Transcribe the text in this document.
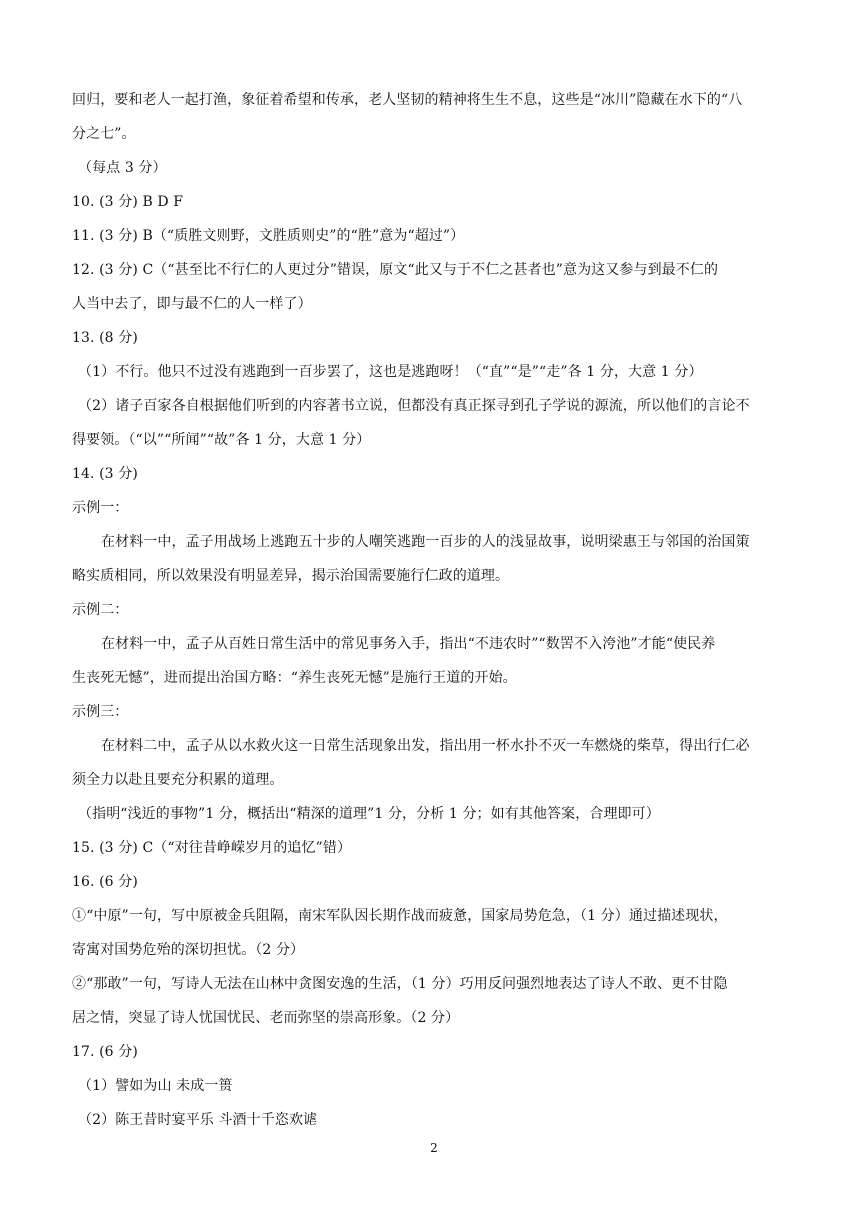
回归，要和老人一起打渔，象征着希望和传承，老人坚韧的精神将生生不息，这些是“冰川”隐藏在水下的“八
分之七”。
（每点 3 分）
10. (3 分) B D F
11. (3 分) B（“质胜文则野，文胜质则史”的“胜”意为“超过”）
12. (3 分) C（“甚至比不行仁的人更过分”错误，原文“此又与于不仁之甚者也”意为这又参与到最不仁的
人当中去了，即与最不仁的人一样了）
13. (8 分)
（1）不行。他只不过没有逃跑到一百步罢了，这也是逃跑呀！（“直”“是”“走”各 1 分，大意 1 分）
（2）诸子百家各自根据他们听到的内容著书立说，但都没有真正探寻到孔子学说的源流，所以他们的言论不
得要领。（“以”“所闻”“故”各 1 分，大意 1 分）
14. (3 分)
示例一：
在材料一中，孟子用战场上逃跑五十步的人嘲笑逃跑一百步的人的浅显故事，说明梁惠王与邻国的治国策
略实质相同，所以效果没有明显差异，揭示治国需要施行仁政的道理。
示例二：
在材料一中，孟子从百姓日常生活中的常见事务入手，指出“不违农时”“数罟不入洿池”才能“使民养
生丧死无憾”，进而提出治国方略：“养生丧死无憾”是施行王道的开始。
示例三：
在材料二中，孟子从以水救火这一日常生活现象出发，指出用一杯水扑不灭一车燃烧的柴草，得出行仁必
须全力以赴且要充分积累的道理。
（指明“浅近的事物”1 分，概括出“精深的道理”1 分，分析 1 分；如有其他答案，合理即可）
15. (3 分) C（“对往昔峥嵘岁月的追忆”错）
16. (6 分)
①“中原”一句，写中原被金兵阻隔，南宋军队因长期作战而疲惫，国家局势危急，（1 分）通过描述现状，
寄寓对国势危殆的深切担忧。（2 分）
②“那敢”一句，写诗人无法在山林中贪图安逸的生活，（1 分）巧用反问强烈地表达了诗人不敢、更不甘隐
居之情，突显了诗人忧国忧民、老而弥坚的崇高形象。（2 分）
17. (6 分)
（1）譬如为山 未成一篑
（2）陈王昔时宴平乐 斗酒十千恣欢谑
2
